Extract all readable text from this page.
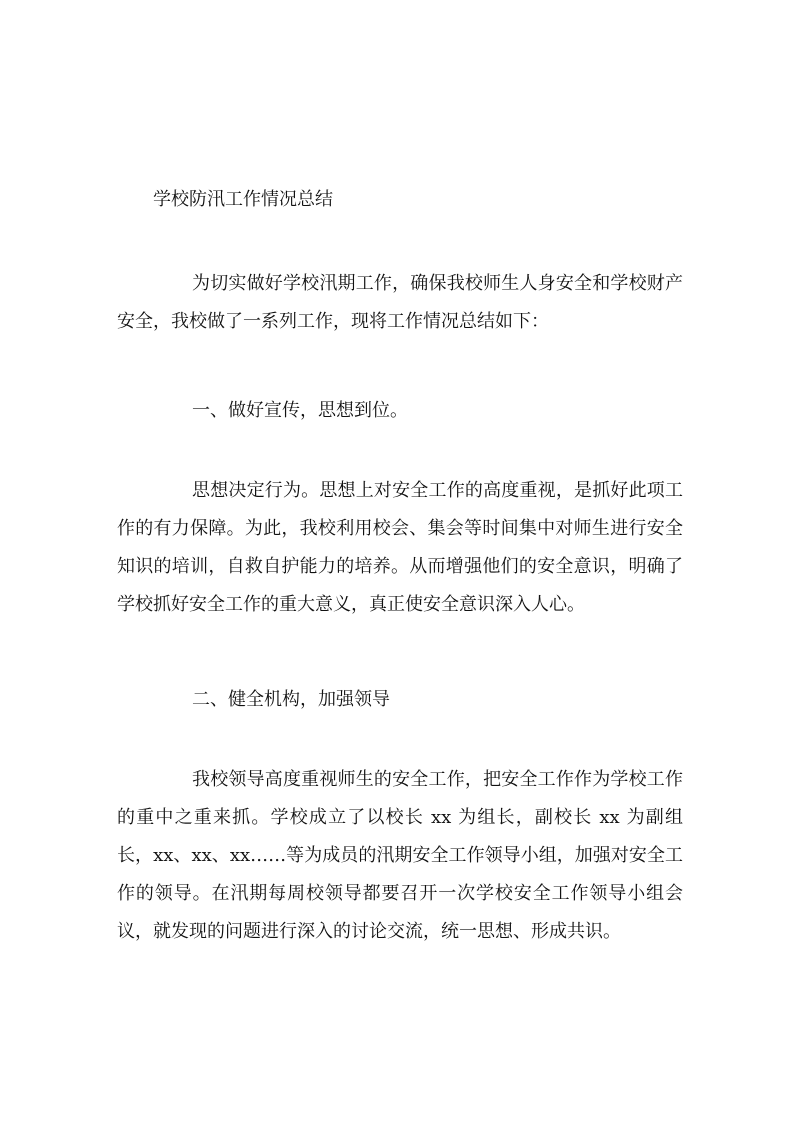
学校防汛工作情况总结

为切实做好学校汛期工作，确保我校师生人身安全和学校财产安全，我校做了一系列工作，现将工作情况总结如下：

一、做好宣传，思想到位。

思想决定行为。思想上对安全工作的高度重视，是抓好此项工作的有力保障。为此，我校利用校会、集会等时间集中对师生进行安全知识的培训，自救自护能力的培养。从而增强他们的安全意识，明确了学校抓好安全工作的重大意义，真正使安全意识深入人心。

二、健全机构，加强领导

我校领导高度重视师生的安全工作，把安全工作作为学校工作的重中之重来抓。学校成立了以校长 xx 为组长，副校长 xx 为副组长，xx、xx、xx……等为成员的汛期安全工作领导小组，加强对安全工作的领导。在汛期每周校领导都要召开一次学校安全工作领导小组会议，就发现的问题进行深入的讨论交流，统一思想、形成共识。
